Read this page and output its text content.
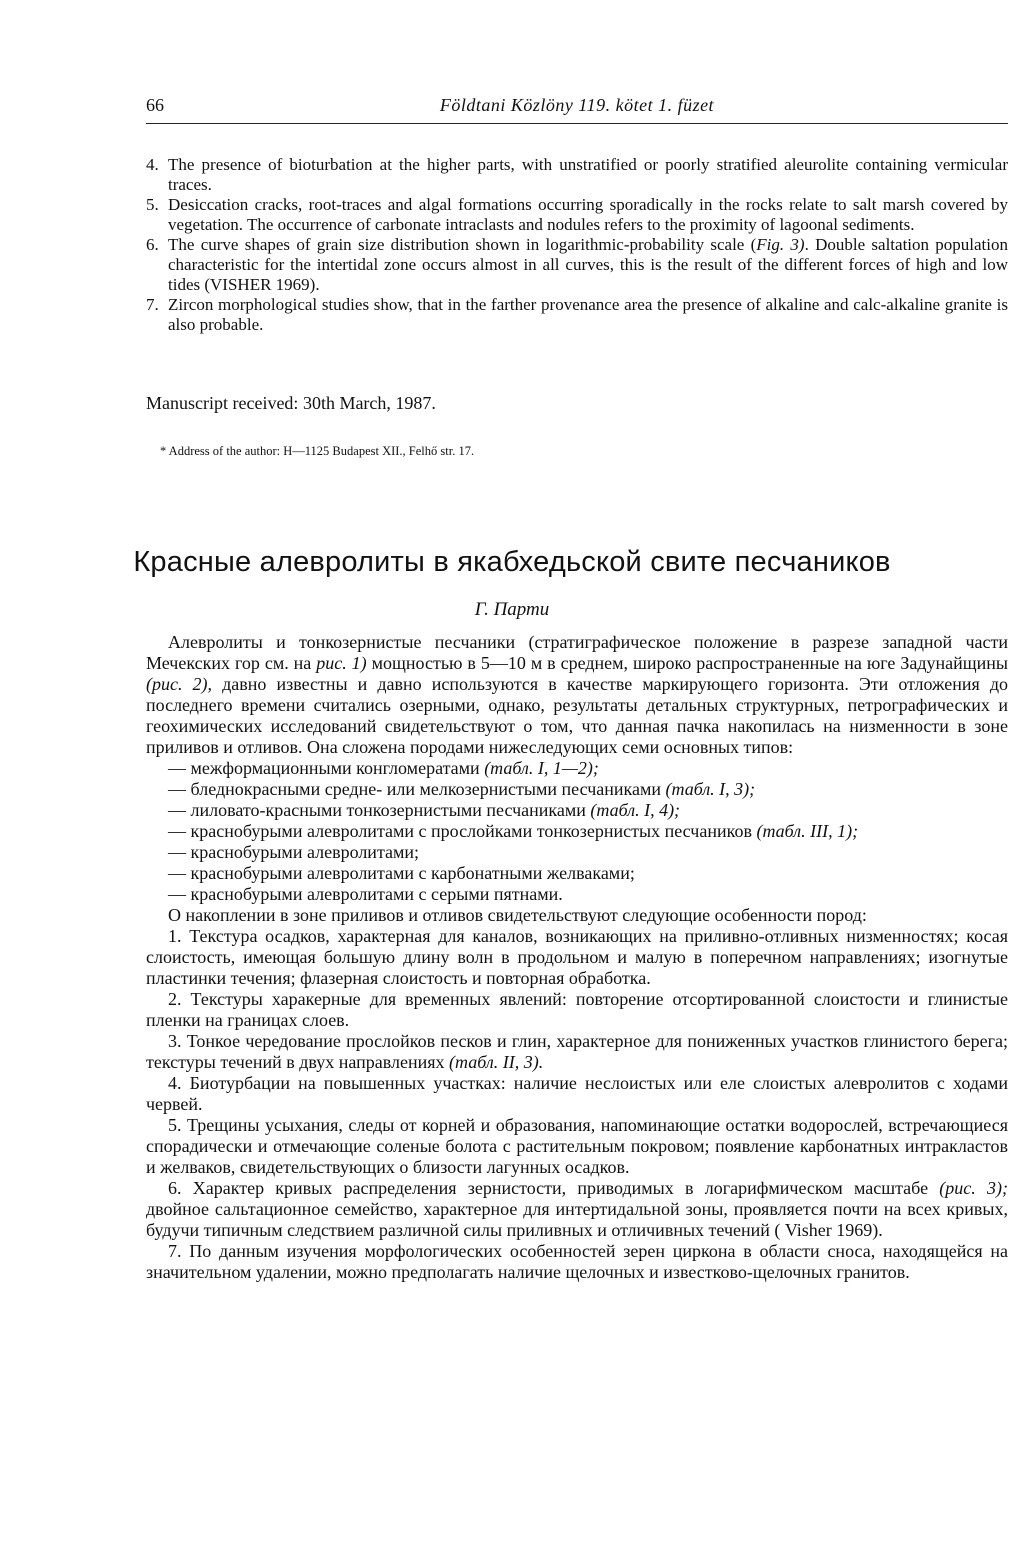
66	Földtani Közlöny 119. kötet 1. füzet

4. The presence of bioturbation at the higher parts, with unstratified or poorly stratified aleurolite containing vermicular traces.

5. Desiccation cracks, root-traces and algal formations occurring sporadically in the rocks relate to salt marsh covered by vegetation. The occurrence of carbonate intraclasts and nodules refers to the proximity of lagoonal sediments.

6. The curve shapes of grain size distribution shown in logarithmic-probability scale (Fig. 3). Double saltation population characteristic for the intertidal zone occurs almost in all curves, this is the result of the different forces of high and low tides (VISHER 1969).

7. Zircon morphological studies show, that in the farther provenance area the presence of alkaline and calc-alkaline granite is also probable.

Manuscript received: 30th March, 1987.
* Address of the author: H—1125 Budapest XII., Felhő str. 17.
Красные алевролиты в якабхедьской свите песчаников
Г. Парти

Алевролиты и тонкозернистые песчаники (стратиграфическое положение в разрезе западной части Мечекских гор см. на рис. 1) мощностью в 5—10 м в среднем, широко распространенные на юге Задунайщины (рис. 2), давно известны и давно используются в качестве маркирующего горизонта. Эти отложения до последнего времени считались озерными, однако, результаты детальных структурных, петрографических и геохимических исследований свидетельствуют о том, что данная пачка накопилась на низменности в зоне приливов и отливов. Она сложена породами нижеследующих семи основных типов:

— межформационными конгломератами (табл. I, 1—2);

— бледнокрасными средне- или мелкозернистыми песчаниками (табл. I, 3);

— лиловато-красными тонкозернистыми песчаниками (табл. I, 4);

— краснобурыми алевролитами с прослойками тонкозернистых песчаников (табл. III, 1);

— краснобурыми алевролитами;

— краснобурыми алевролитами с карбонатными желваками;

— краснобурыми алевролитами с серыми пятнами.

О накоплении в зоне приливов и отливов свидетельствуют следующие особенности пород:

1. Текстура осадков, характерная для каналов, возникающих на приливно-отливных низменностях; косая слоистость, имеющая большую длину волн в продольном и малую в поперечном направлениях; изогнутые пластинки течения; флазерная слоистость и повторная обработка.

2. Текстуры харакерные для временных явлений: повторение отсортированной слоистости и глинистые пленки на границах слоев.

3. Тонкое чередование прослойков песков и глин, характерное для пониженных участков глинистого берега; текстуры течений в двух направлениях (табл. II, 3).

4. Биотурбации на повышенных участках: наличие неслоистых или еле слоистых алевролитов с ходами червей.

5. Трещины усыхания, следы от корней и образования, напоминающие остатки водорослей, встречающиеся спорадически и отмечающие соленые болота с растительным покровом; появление карбонатных интракластов и желваков, свидетельствующих о близости лагунных осадков.

6. Характер кривых распределения зернистости, приводимых в логарифмическом масштабе (рис. 3); двойное сальтационное семейство, характерное для интертидальной зоны, проявляется почти на всех кривых, будучи типичным следствием различной силы приливных и отличивных течений ( Visher 1969).

7. По данным изучения морфологических особенностей зерен циркона в области сноса, находящейся на значительном удалении, можно предполагать наличие щелочных и известково-щелочных гранитов.
